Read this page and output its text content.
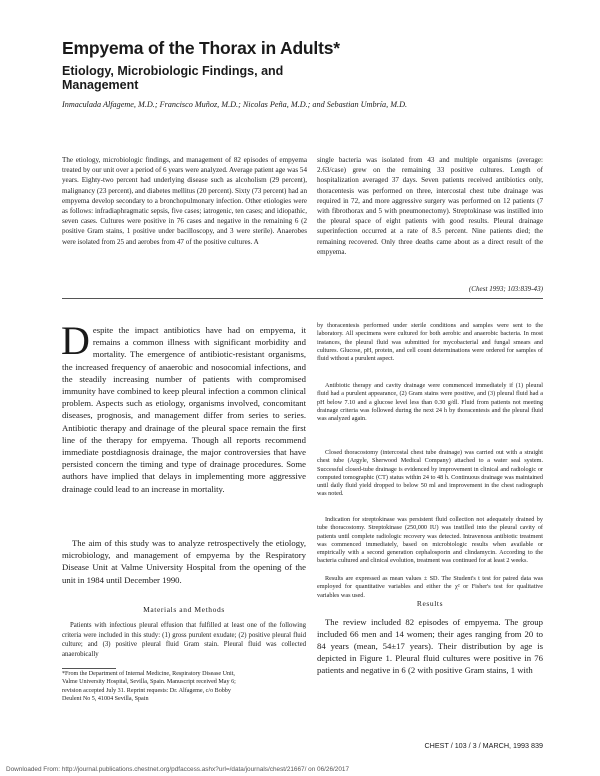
Empyema of the Thorax in Adults*
Etiology, Microbiologic Findings, and Management

Inmaculada Alfageme, M.D.; Francisco Muñoz, M.D.; Nicolas Peña, M.D.; and Sebastian Umbría, M.D.

The etiology, microbiologic findings, and management of 82 episodes of empyema treated by our unit over a period of 6 years were analyzed. Average patient age was 54 years. Eighty-two percent had underlying disease such as alcoholism (29 percent), malignancy (23 percent), and diabetes mellitus (20 percent). Sixty (73 percent) had an empyema develop secondary to a bronchopulmonary infection. Other etiologies were as follows: infradiaphragmatic sepsis, five cases; iatrogenic, ten cases; and idiopathic, seven cases. Cultures were positive in 76 cases and negative in the remaining 6 (2 positive Gram stains, 1 positive under bacilloscopy, and 3 were sterile). Anaerobes were isolated from 25 and aerobes from 47 of the positive cultures. A

single bacteria was isolated from 43 and multiple organisms (average: 2.63/case) grew on the remaining 33 positive cultures. Length of hospitalization averaged 37 days. Seven patients received antibiotics only, thoracentesis was performed on three, intercostal chest tube drainage was required in 72, and more aggressive surgery was performed on 12 patients (7 with fibrothorax and 5 with pneumonectomy). Streptokinase was instilled into the pleural space of eight patients with good results. Pleural drainage superinfection occurred at a rate of 8.5 percent. Nine patients died; the remaining recovered. Only three deaths came about as a direct result of the empyema.

(Chest 1993; 103:839-43)

Despite the impact antibiotics have had on empyema, it remains a common illness with significant morbidity and mortality. The emergence of antibiotic-resistant organisms, the increased frequency of anaerobic and nosocomial infections, and the steadily increasing number of patients with compromised immunity have combined to keep pleural infection a common clinical problem. Aspects such as etiology, organisms involved, concomitant diseases, prognosis, and management differ from series to series. Antibiotic therapy and drainage of the pleural space remain the first line of the therapy for empyema. Though all reports recommend immediate postdiagnosis drainage, the major controversies that have persisted concern the timing and type of drainage procedures. Some authors have implied that delays in implementing more aggressive drainage could lead to an increase in mortality.

The aim of this study was to analyze retrospectively the etiology, microbiology, and management of empyema by the Respiratory Disease Unit at Valme University Hospital from the opening of the unit in 1984 until December 1990.

Materials and Methods

Patients with infectious pleural effusion that fulfilled at least one of the following criteria were included in this study: (1) gross purulent exudate; (2) positive pleural fluid culture; and (3) positive pleural fluid Gram stain. Pleural fluid was collected anaerobically

*From the Department of Internal Medicine, Respiratory Disease Unit, Valme University Hospital, Sevilla, Spain. Manuscript received May 6; revision accepted July 31. Reprint requests: Dr. Alfageme, c/o Bobby Deulent No 5, 41004 Sevilla, Spain

by thoracentesis performed under sterile conditions and samples were sent to the laboratory. All specimens were cultured for both aerobic and anaerobic bacteria. In most instances, the pleural fluid was submitted for mycobacterial and fungal smears and cultures. Glucose, pH, protein, and cell count determinations were ordered for samples of fluid without a purulent aspect.

Antibiotic therapy and cavity drainage were commenced immediately if (1) pleural fluid had a purulent appearance, (2) Gram stains were positive, and (3) pleural fluid had a pH below 7.10 and a glucose level less than 0.30 g/dl. Fluid from patients not meeting drainage criteria was followed during the next 24 h by thoracentesis and the pleural fluid was analyzed again.

Closed thoracostomy (intercostal chest tube drainage) was carried out with a straight chest tube (Argyle, Sherwood Medical Company) attached to a water seal system. Successful closed-tube drainage is evidenced by improvement in clinical and radiologic or computed tomographic (CT) status within 24 to 48 h. Continuous drainage was maintained until daily fluid yield dropped to below 50 ml and improvement in the chest radiograph was noted.

Indication for streptokinase was persistent fluid collection not adequately drained by tube thoracostomy. Streptokinase (250,000 IU) was instilled into the pleural cavity of patients until complete radiologic recovery was detected. Intravenous antibiotic treatment was commenced immediately, based on microbiologic results when available or empirically with a second generation cephalosporin and clindamycin. According to the bacteria cultured and clinical evolution, treatment was continued for at least 2 weeks.

Results are expressed as mean values ± SD. The Student's t test for paired data was employed for quantitative variables and either the χ² or Fisher's test for qualitative variables was used.

Results

The review included 82 episodes of empyema. The group included 66 men and 14 women; their ages ranging from 20 to 84 years (mean, 54±17 years). Their distribution by age is depicted in Figure 1. Pleural fluid cultures were positive in 76 patients and negative in 6 (2 with positive Gram stains, 1 with

CHEST / 103 / 3 / MARCH, 1993 839

Downloaded From: http://journal.publications.chestnet.org/pdfaccess.ashx?url=/data/journals/chest/21667/ on 06/26/2017
